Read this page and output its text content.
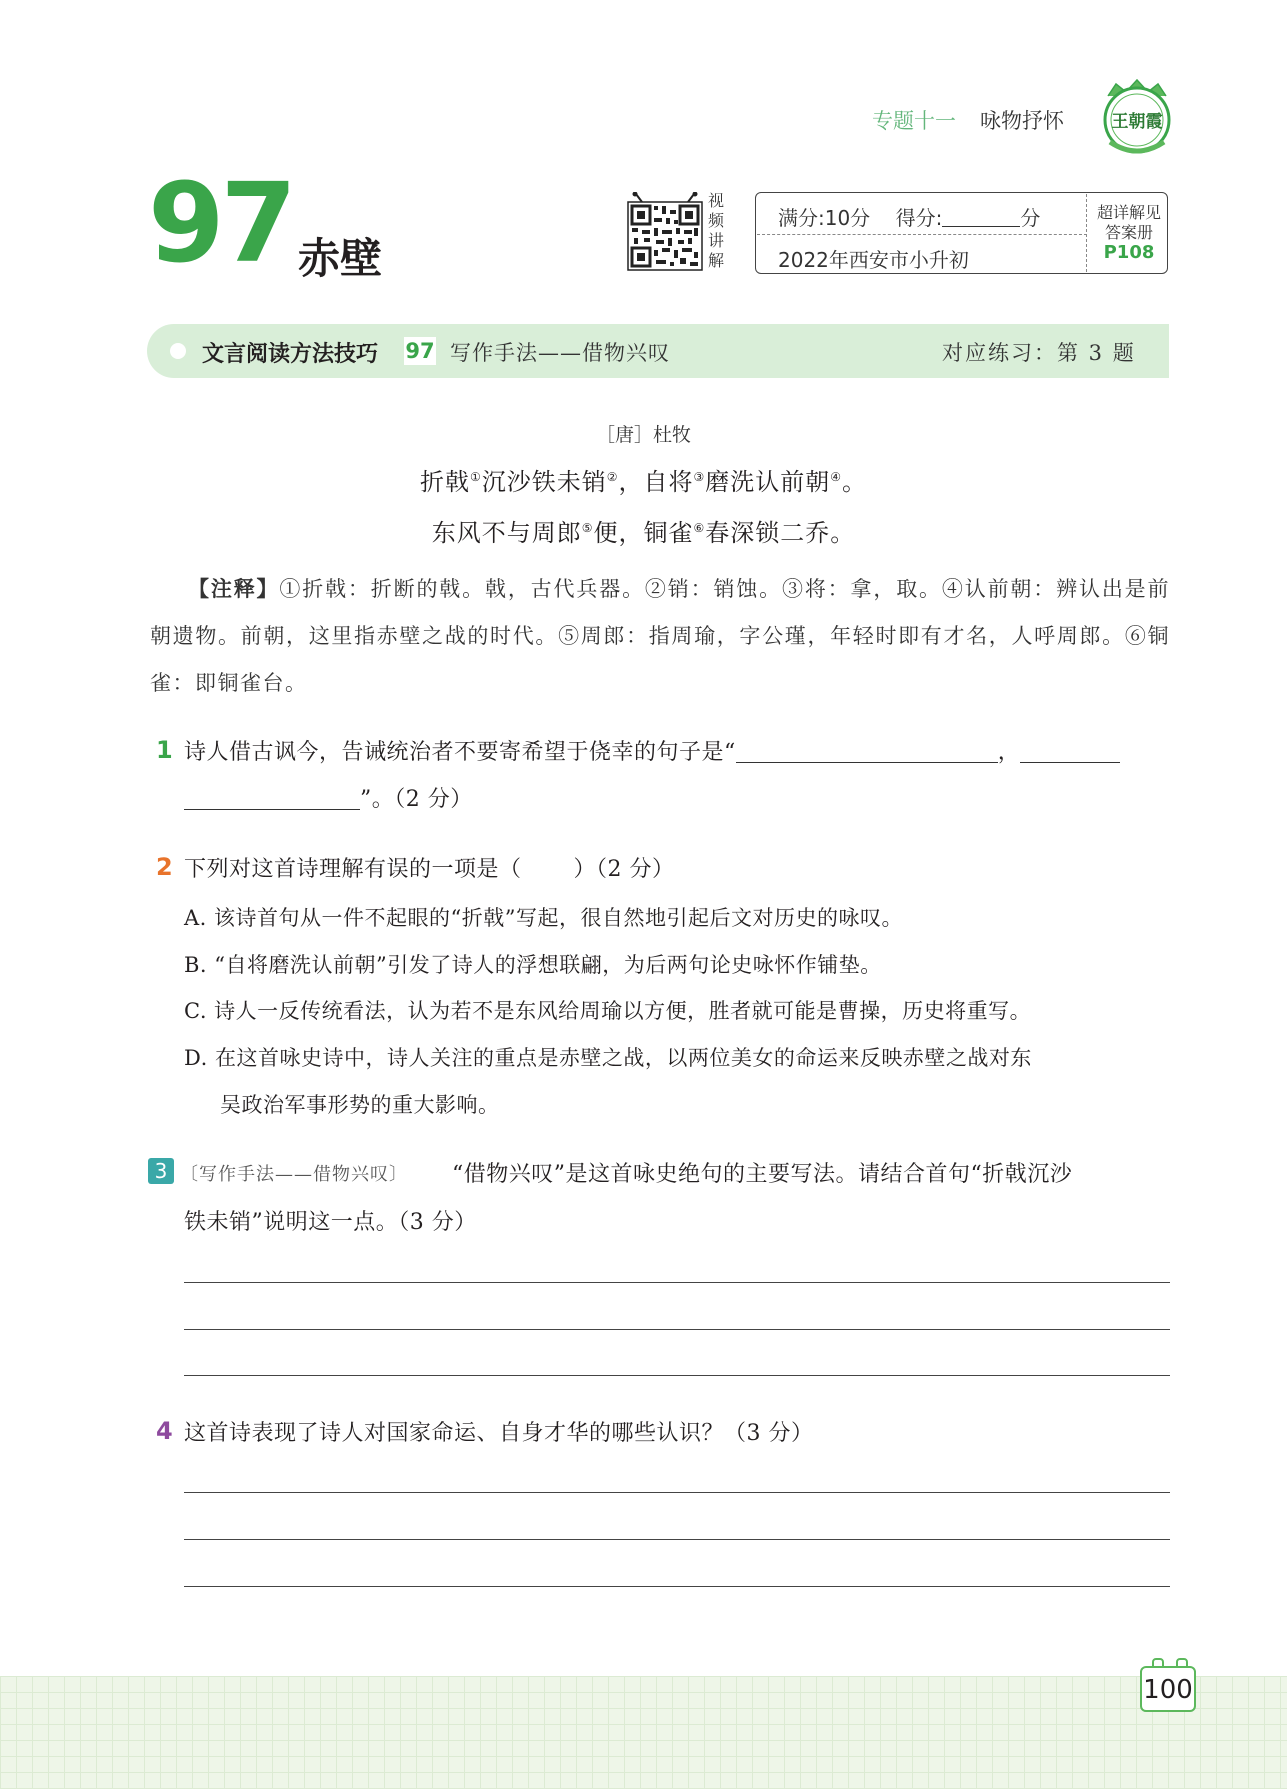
专题十一 咏物抒怀	王朝霞
97 赤壁
视频讲解
满分:10分 得分:	分
2022年西安市小升初
超详解见
答案册
P108
文言阅读方法技巧 97 写作手法——借物兴叹	对应练习：第 3 题
［唐］杜牧
折戟①沉沙铁未销②，自将③磨洗认前朝④。
东风不与周郎⑤便，铜雀⑥春深锁二乔。
【注释】①折戟：折断的戟。戟，古代兵器。②销：销蚀。③将：拿，取。④认前朝：辨认出是前朝遗物。前朝，这里指赤壁之战的时代。⑤周郎：指周瑜，字公瑾，年轻时即有才名，人呼周郎。⑥铜雀：即铜雀台。
1 诗人借古讽今，告诫统治者不要寄希望于侥幸的句子是“	，
”。（2 分）
2 下列对这首诗理解有误的一项是（ ）（2 分）
A. 该诗首句从一件不起眼的“折戟”写起，很自然地引起后文对历史的咏叹。
B. “自将磨洗认前朝”引发了诗人的浮想联翩，为后两句论史咏怀作铺垫。
C. 诗人一反传统看法，认为若不是东风给周瑜以方便，胜者就可能是曹操，历史将重写。
D. 在这首咏史诗中，诗人关注的重点是赤壁之战，以两位美女的命运来反映赤壁之战对东
吴政治军事形势的重大影响。
3 〔写作手法——借物兴叹〕 “借物兴叹”是这首咏史绝句的主要写法。请结合首句“折戟沉沙
铁未销”说明这一点。（3 分）
4 这首诗表现了诗人对国家命运、自身才华的哪些认识？（3 分）
100
